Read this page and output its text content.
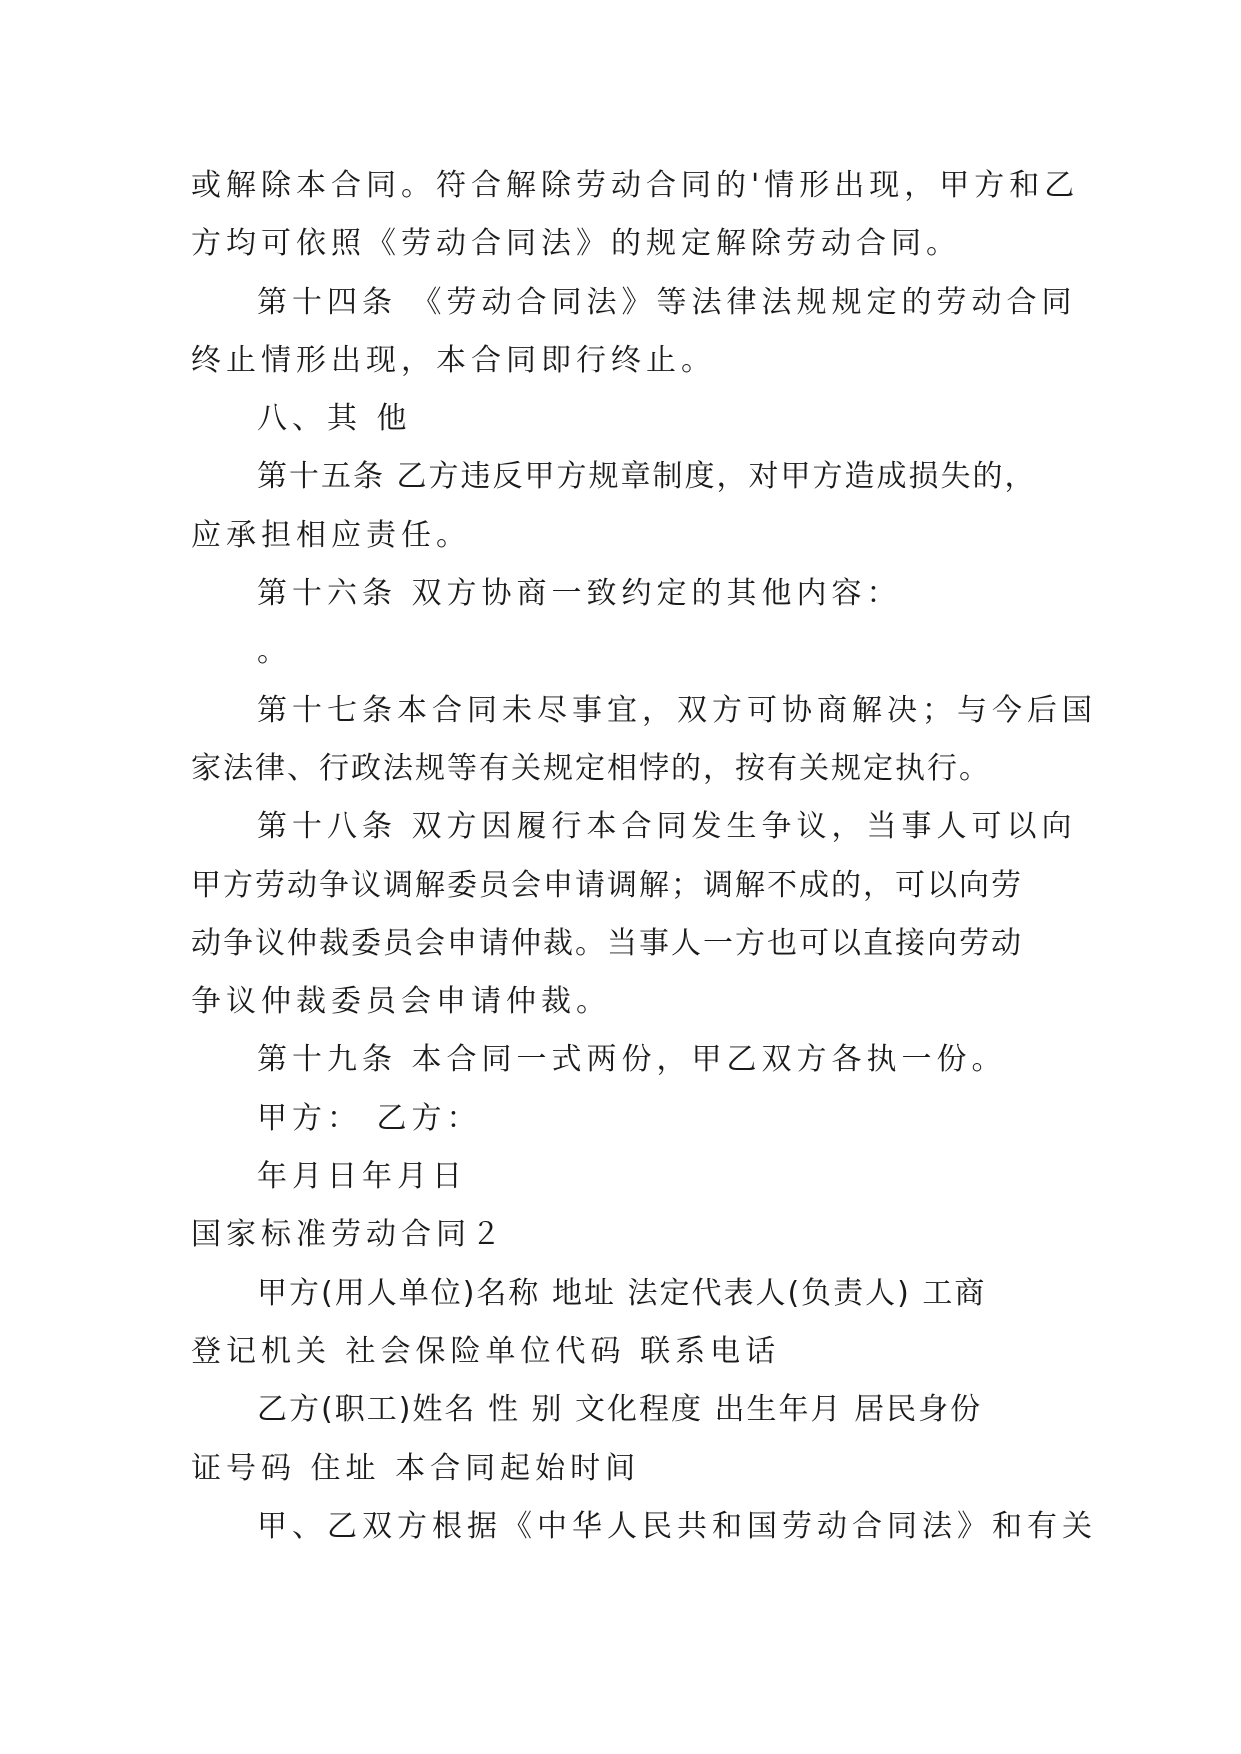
或解除本合同。符合解除劳动合同的'情形出现，甲方和乙
方均可依照《劳动合同法》的规定解除劳动合同。
第十四条 《劳动合同法》等法律法规规定的劳动合同
终止情形出现，本合同即行终止。
八、其 他
第十五条 乙方违反甲方规章制度，对甲方造成损失的，
应承担相应责任。
第十六条 双方协商一致约定的其他内容：
。
第十七条本合同未尽事宜，双方可协商解决；与今后国
家法律、行政法规等有关规定相悖的，按有关规定执行。
第十八条 双方因履行本合同发生争议，当事人可以向
甲方劳动争议调解委员会申请调解；调解不成的，可以向劳
动争议仲裁委员会申请仲裁。当事人一方也可以直接向劳动
争议仲裁委员会申请仲裁。
第十九条 本合同一式两份，甲乙双方各执一份。
甲方： 乙方：
年月日年月日
国家标准劳动合同２
甲方(用人单位)名称 地址 法定代表人(负责人) 工商
登记机关 社会保险单位代码 联系电话
乙方(职工)姓名 性 别 文化程度 出生年月 居民身份
证号码 住址 本合同起始时间
甲、乙双方根据《中华人民共和国劳动合同法》和有关
